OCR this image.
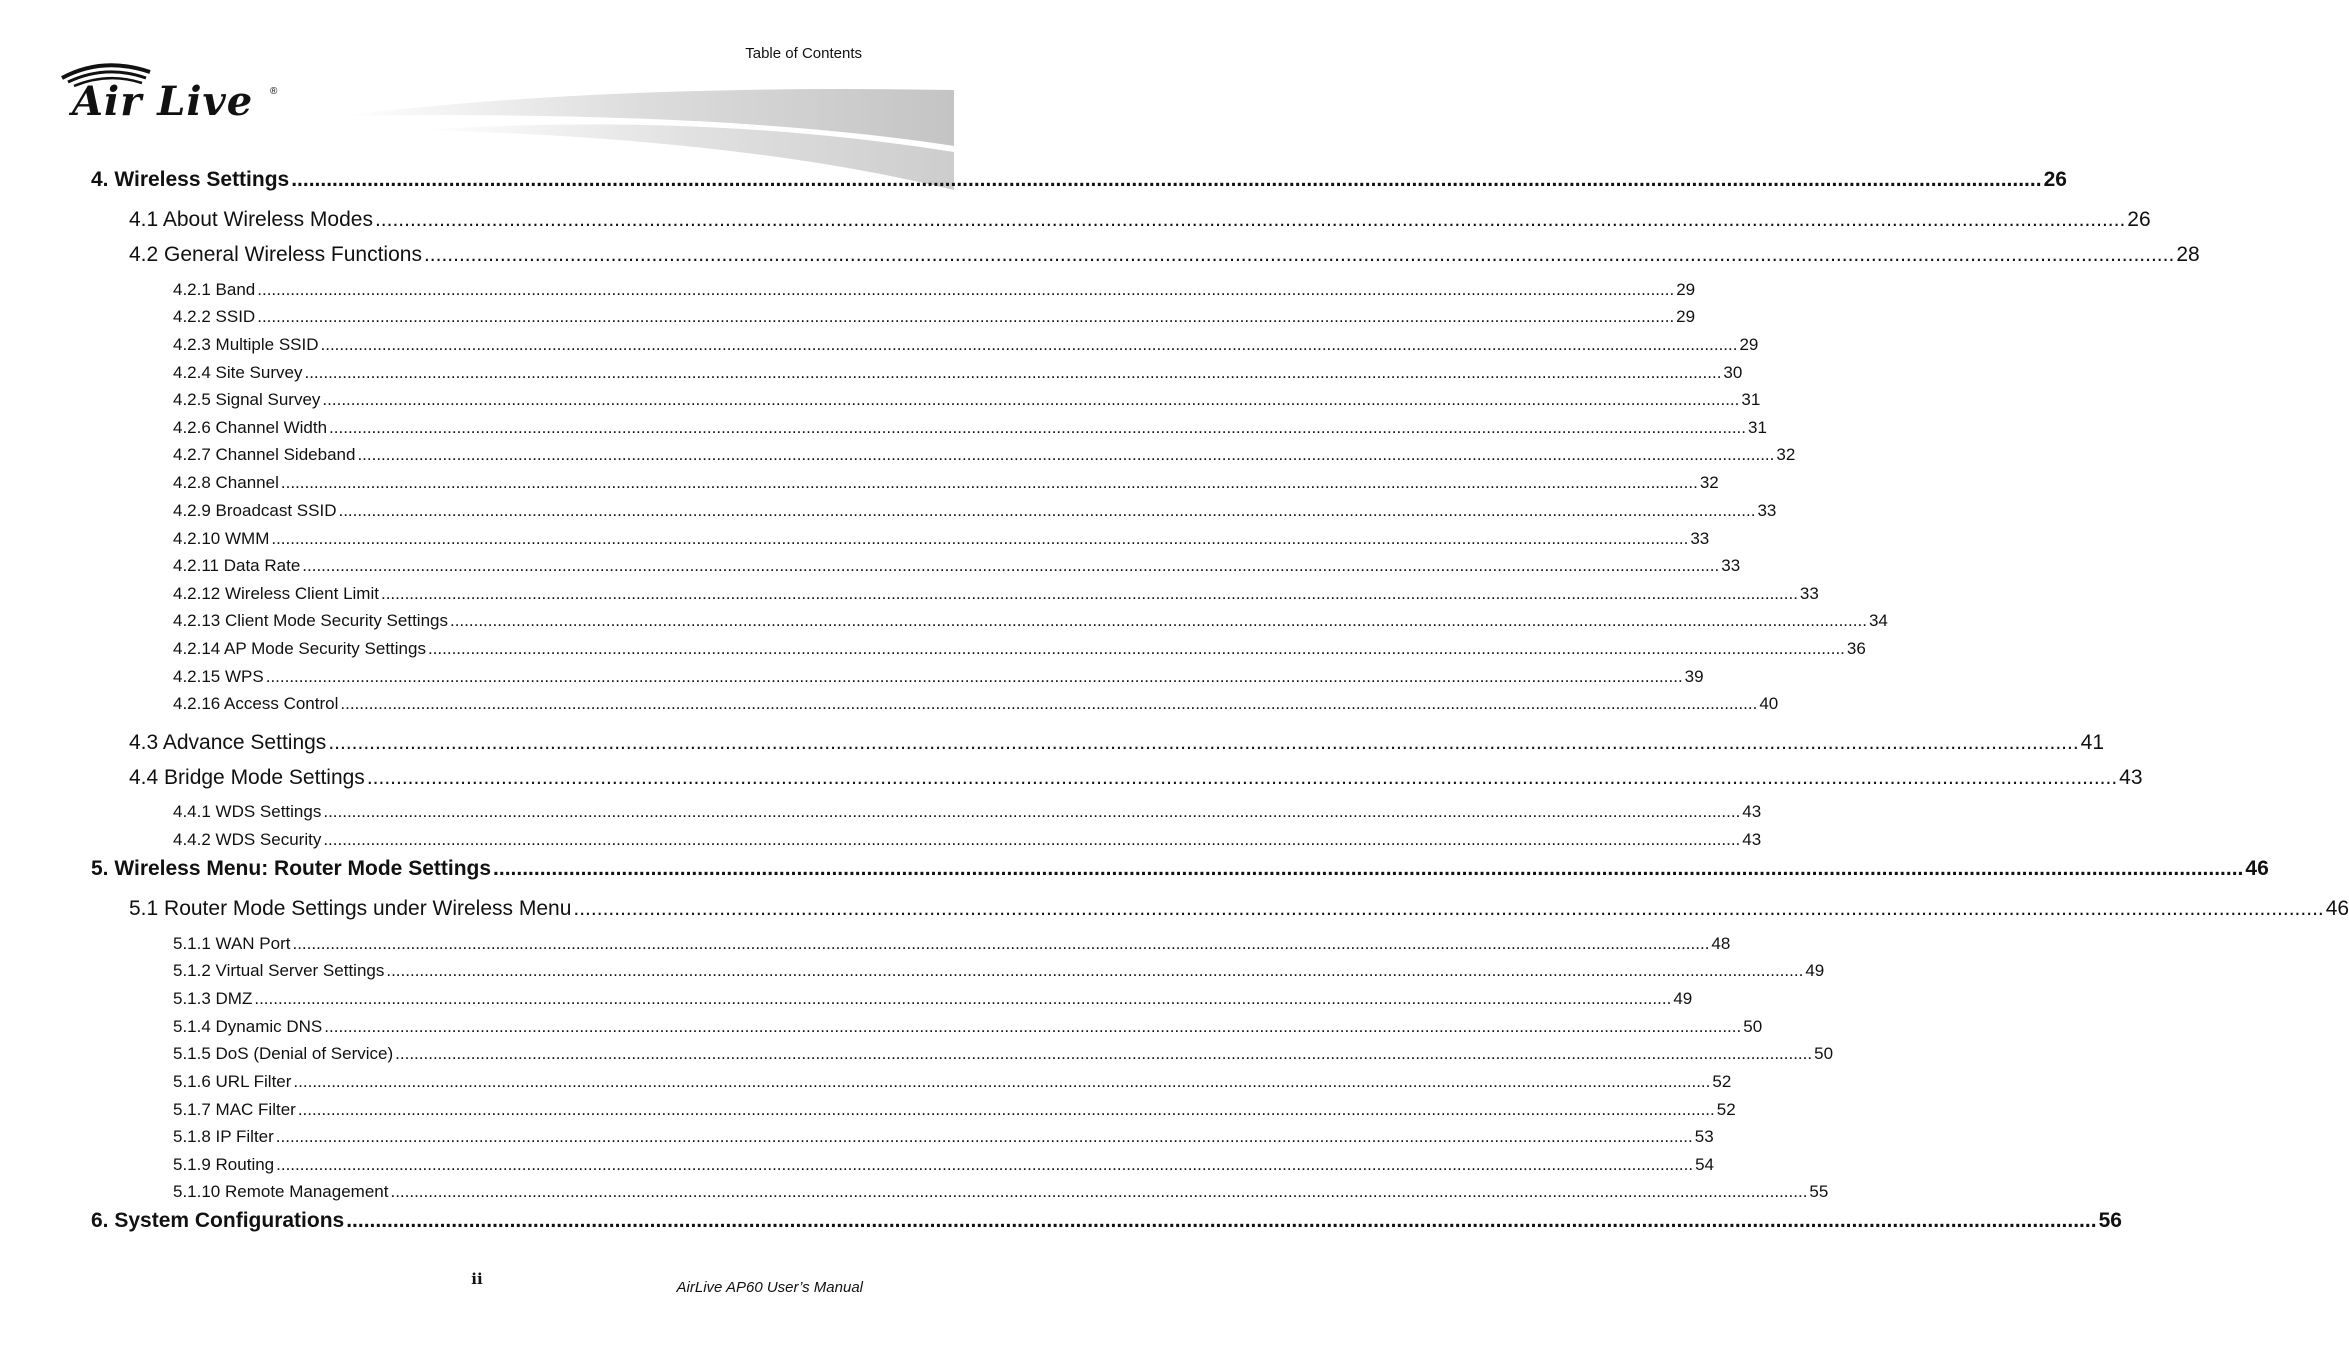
Table of Contents
Air Live ®
4. Wireless Settings ............................................................................................................................................................................................................................................................................................................ 26
4.1 About Wireless Modes ............................................................................................................................................................................................................................................................................................................ 26
4.2 General Wireless Functions ............................................................................................................................................................................................................................................................................................................ 28
4.2.1 Band ............................................................................................................................................................................................................................................................................................................ 29
4.2.2 SSID ............................................................................................................................................................................................................................................................................................................ 29
4.2.3 Multiple SSID ............................................................................................................................................................................................................................................................................................................ 29
4.2.4 Site Survey ............................................................................................................................................................................................................................................................................................................ 30
4.2.5 Signal Survey ............................................................................................................................................................................................................................................................................................................ 31
4.2.6 Channel Width ............................................................................................................................................................................................................................................................................................................ 31
4.2.7 Channel Sideband ............................................................................................................................................................................................................................................................................................................ 32
4.2.8 Channel ............................................................................................................................................................................................................................................................................................................ 32
4.2.9 Broadcast SSID ............................................................................................................................................................................................................................................................................................................ 33
4.2.10 WMM ............................................................................................................................................................................................................................................................................................................ 33
4.2.11 Data Rate ............................................................................................................................................................................................................................................................................................................ 33
4.2.12 Wireless Client Limit ............................................................................................................................................................................................................................................................................................................ 33
4.2.13 Client Mode Security Settings ............................................................................................................................................................................................................................................................................................................ 34
4.2.14 AP Mode Security Settings ............................................................................................................................................................................................................................................................................................................ 36
4.2.15 WPS ............................................................................................................................................................................................................................................................................................................ 39
4.2.16 Access Control ............................................................................................................................................................................................................................................................................................................ 40
4.3 Advance Settings ............................................................................................................................................................................................................................................................................................................ 41
4.4 Bridge Mode Settings ............................................................................................................................................................................................................................................................................................................ 43
4.4.1 WDS Settings ............................................................................................................................................................................................................................................................................................................ 43
4.4.2 WDS Security ............................................................................................................................................................................................................................................................................................................ 43
5. Wireless Menu: Router Mode Settings ............................................................................................................................................................................................................................................................................................................ 46
5.1 Router Mode Settings under Wireless Menu ............................................................................................................................................................................................................................................................................................................ 46
5.1.1 WAN Port ............................................................................................................................................................................................................................................................................................................ 48
5.1.2 Virtual Server Settings ............................................................................................................................................................................................................................................................................................................ 49
5.1.3 DMZ ............................................................................................................................................................................................................................................................................................................ 49
5.1.4 Dynamic DNS ............................................................................................................................................................................................................................................................................................................ 50
5.1.5 DoS (Denial of Service) ............................................................................................................................................................................................................................................................................................................ 50
5.1.6 URL Filter ............................................................................................................................................................................................................................................................................................................ 52
5.1.7 MAC Filter ............................................................................................................................................................................................................................................................................................................ 52
5.1.8 IP Filter ............................................................................................................................................................................................................................................................................................................ 53
5.1.9 Routing ............................................................................................................................................................................................................................................................................................................ 54
5.1.10 Remote Management ............................................................................................................................................................................................................................................................................................................ 55
6. System Configurations ............................................................................................................................................................................................................................................................................................................ 56
ii	AirLive AP60 User’s Manual
